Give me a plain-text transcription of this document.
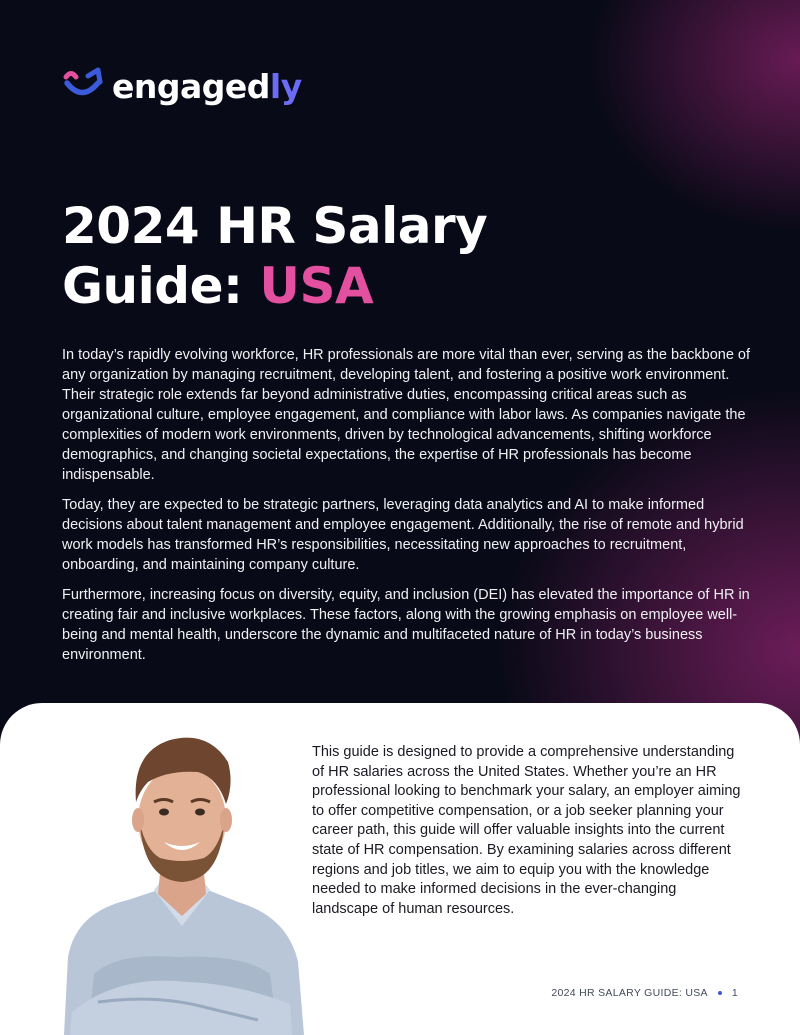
engagedly
2024 HR Salary
Guide: USA

In today’s rapidly evolving workforce, HR professionals are more vital than ever, serving as the backbone of any organization by managing recruitment, developing talent, and fostering a positive work environment. Their strategic role extends far beyond administrative duties, encompassing critical areas such as organizational culture, employee engagement, and compliance with labor laws. As companies navigate the complexities of modern work environments, driven by technological advancements, shifting workforce demographics, and changing societal expectations, the expertise of HR professionals has become indispensable.

Today, they are expected to be strategic partners, leveraging data analytics and AI to make informed decisions about talent management and employee engagement. Additionally, the rise of remote and hybrid work models has transformed HR’s responsibilities, necessitating new approaches to recruitment, onboarding, and maintaining company culture.

Furthermore, increasing focus on diversity, equity, and inclusion (DEI) has elevated the importance of HR in creating fair and inclusive workplaces. These factors, along with the growing emphasis on employee well-being and mental health, underscore the dynamic and multifaceted nature of HR in today’s business environment.

This guide is designed to provide a comprehensive understanding of HR salaries across the United States. Whether you’re an HR professional looking to benchmark your salary, an employer aiming to offer competitive compensation, or a job seeker planning your career path, this guide will offer valuable insights into the current state of HR compensation. By examining salaries across different regions and job titles, we aim to equip you with the knowledge needed to make informed decisions in the ever-changing landscape of human resources.

2024 HR SALARY GUIDE: USA 1
